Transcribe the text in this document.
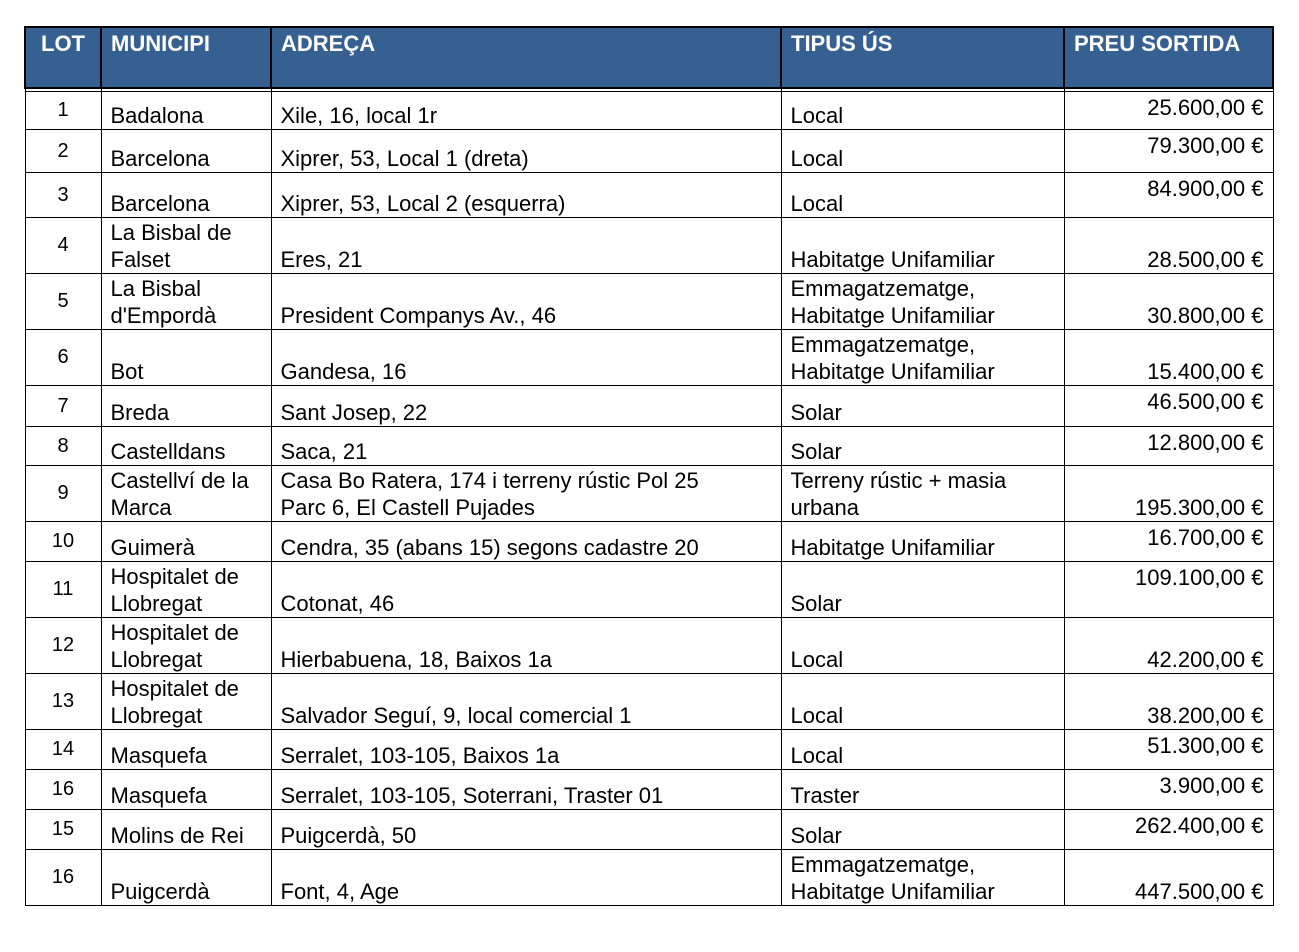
LOT	MUNICIPI	ADREÇA	TIPUS ÚS	PREU SORTIDA

1	Badalona	Xile, 16, local 1r	Local	25.600,00 €
2	Barcelona	Xiprer, 53, Local 1 (dreta)	Local	79.300,00 €
3	Barcelona	Xiprer, 53, Local 2 (esquerra)	Local	84.900,00 €
4	La Bisbal de
Falset	Eres, 21	Habitatge Unifamiliar	28.500,00 €
5	La Bisbal
d'Empordà	President Companys Av., 46	Emmagatzematge,
Habitatge Unifamiliar	30.800,00 €
6	Bot	Gandesa, 16	Emmagatzematge,
Habitatge Unifamiliar	15.400,00 €
7	Breda	Sant Josep, 22	Solar	46.500,00 €
8	Castelldans	Saca, 21	Solar	12.800,00 €
9	Castellví de la
Marca	Casa Bo Ratera, 174 i terreny rústic Pol 25
Parc 6, El Castell Pujades	Terreny rústic + masia
urbana	195.300,00 €
10	Guimerà	Cendra, 35 (abans 15) segons cadastre 20	Habitatge Unifamiliar	16.700,00 €
11	Hospitalet de
Llobregat	Cotonat, 46	Solar	109.100,00 €
12	Hospitalet de
Llobregat	Hierbabuena, 18, Baixos 1a	Local	42.200,00 €
13	Hospitalet de
Llobregat	Salvador Seguí, 9, local comercial 1	Local	38.200,00 €
14	Masquefa	Serralet, 103-105, Baixos 1a	Local	51.300,00 €
16	Masquefa	Serralet, 103-105, Soterrani, Traster 01	Traster	3.900,00 €
15	Molins de Rei	Puigcerdà, 50	Solar	262.400,00 €
16	Puigcerdà	Font, 4, Age	Emmagatzematge,
Habitatge Unifamiliar	447.500,00 €
